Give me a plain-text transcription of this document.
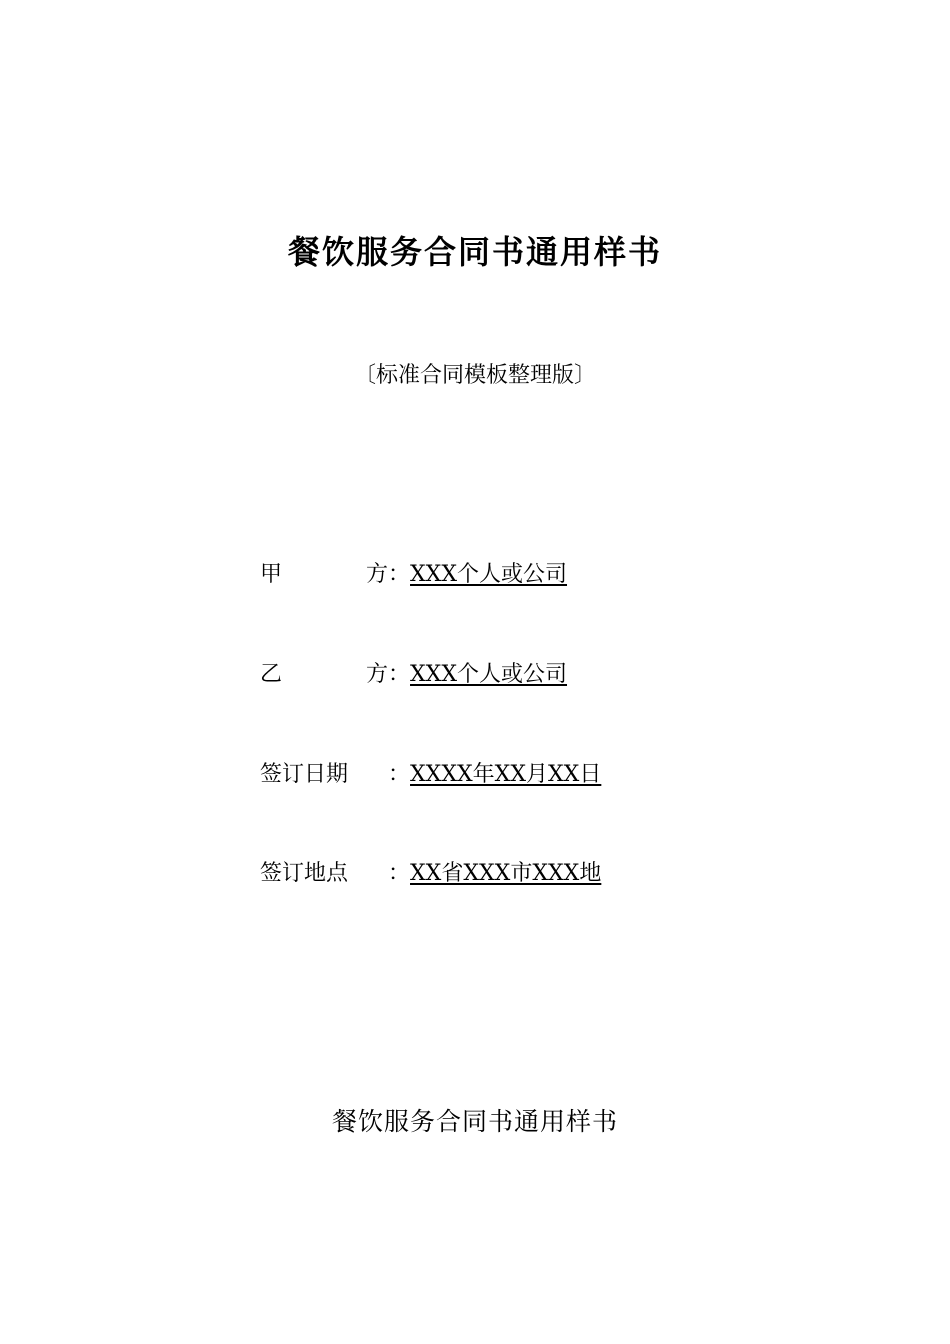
餐饮服务合同书通用样书
〔标准合同模板整理版〕
甲方：XXX个人或公司
乙方：XXX个人或公司
签订日期 ：XXXX年XX月XX日
签订地点 ：XX省XXX市XXX地
餐饮服务合同书通用样书
